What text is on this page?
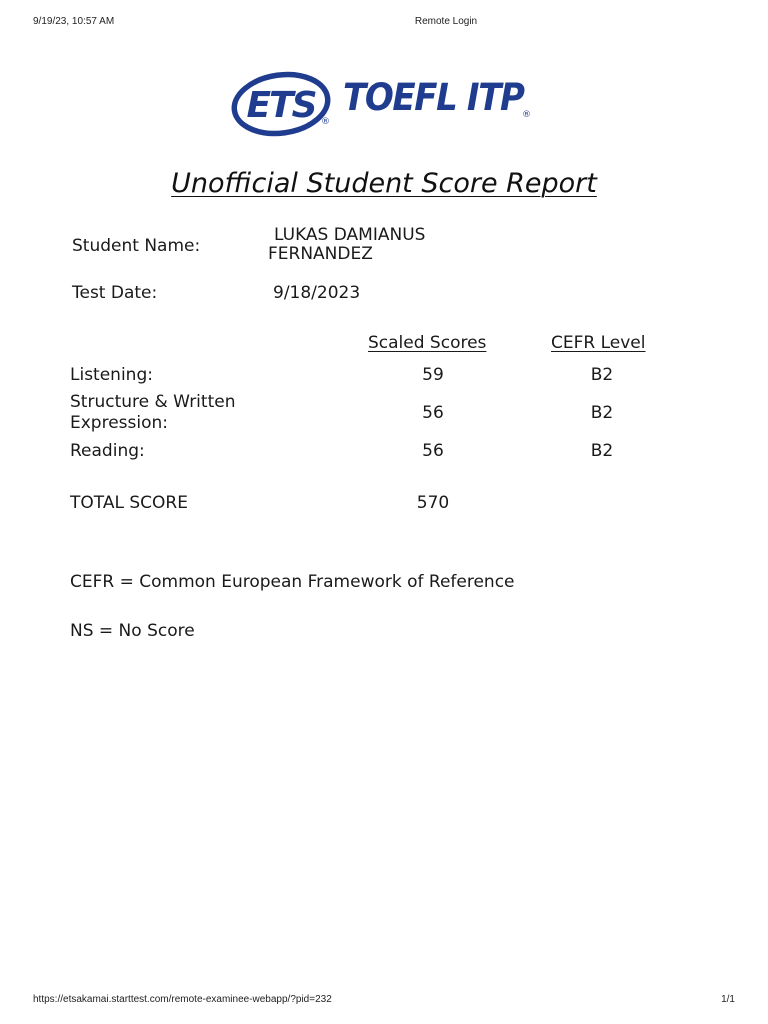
9/19/23, 10:57 AM	Remote Login
ETS ®
TOEFL ITP
®
Unofficial Student Score Report
Student Name:
LUKAS DAMIANUS
FERNANDEZ
Test Date:	9/18/2023
Scaled Scores	CEFR Level
Listening:	59	B2
Structure & Written
Expression:	56	B2
Reading:	56	B2
TOTAL SCORE	570
CEFR = Common European Framework of Reference
NS = No Score
https://etsakamai.starttest.com/remote-examinee-webapp/?pid=232	1/1
